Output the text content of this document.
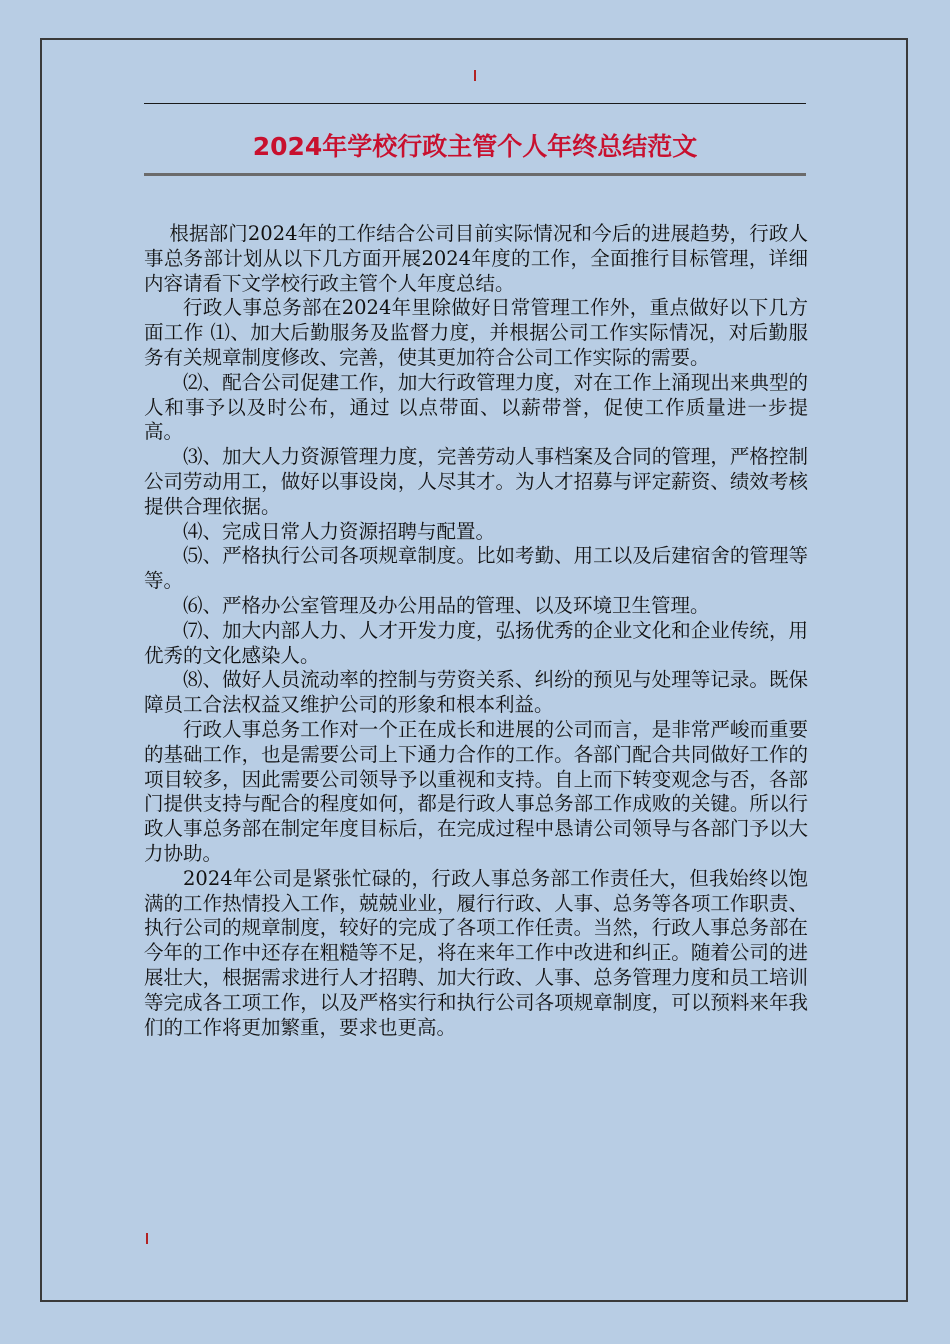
2024年学校行政主管个人年终总结范文

根据部门2024年的工作结合公司目前实际情况和今后的进展趋势，行政人事总务部计划从以下几方面开展2024年度的工作，全面推行目标管理，详细内容请看下文学校行政主管个人年度总结。

行政人事总务部在2024年里除做好日常管理工作外，重点做好以下几方面工作 ⑴、加大后勤服务及监督力度，并根据公司工作实际情况，对后勤服务有关规章制度修改、完善，使其更加符合公司工作实际的需要。

⑵、配合公司促建工作，加大行政管理力度，对在工作上涌现出来典型的人和事予以及时公布，通过 以点带面、以薪带誉，促使工作质量进一步提高。

⑶、加大人力资源管理力度，完善劳动人事档案及合同的管理，严格控制公司劳动用工，做好以事设岗，人尽其才。为人才招募与评定薪资、绩效考核提供合理依据。

⑷、完成日常人力资源招聘与配置。

⑸、严格执行公司各项规章制度。比如考勤、用工以及后建宿舍的管理等等。

⑹、严格办公室管理及办公用品的管理、以及环境卫生管理。

⑺、加大内部人力、人才开发力度，弘扬优秀的企业文化和企业传统，用优秀的文化感染人。

⑻、做好人员流动率的控制与劳资关系、纠纷的预见与处理等记录。既保障员工合法权益又维护公司的形象和根本利益。

行政人事总务工作对一个正在成长和进展的公司而言，是非常严峻而重要的基础工作，也是需要公司上下通力合作的工作。各部门配合共同做好工作的项目较多，因此需要公司领导予以重视和支持。自上而下转变观念与否，各部门提供支持与配合的程度如何，都是行政人事总务部工作成败的关键。所以行政人事总务部在制定年度目标后，在完成过程中恳请公司领导与各部门予以大力协助。

2024年公司是紧张忙碌的，行政人事总务部工作责任大，但我始终以饱满的工作热情投入工作，兢兢业业，履行行政、人事、总务等各项工作职责、执行公司的规章制度，较好的完成了各项工作任责。当然，行政人事总务部在今年的工作中还存在粗糙等不足，将在来年工作中改进和纠正。随着公司的进展壮大，根据需求进行人才招聘、加大行政、人事、总务管理力度和员工培训等完成各工项工作，以及严格实行和执行公司各项规章制度，可以预料来年我们的工作将更加繁重，要求也更高。
